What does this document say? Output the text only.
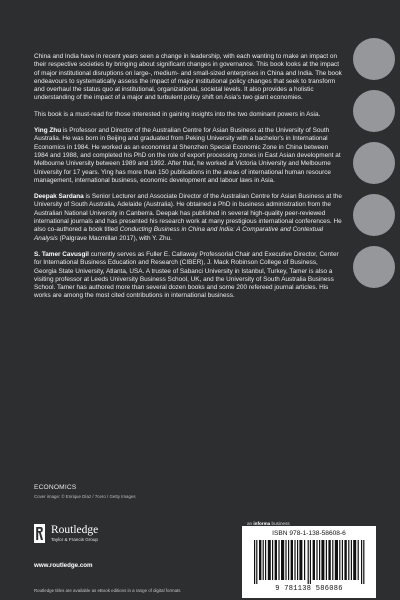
China and India have in recent years seen a change in leadership, with each wanting to make an impact on their respective societies by bringing about significant changes in governance. This book looks at the impact of major institutional disruptions on large-, medium- and small-sized enterprises in China and India. The book endeavours to systematically assess the impact of major institutional policy changes that seek to transform and overhaul the status quo at institutional, organizational, societal levels. It also provides a holistic understanding of the impact of a major and turbulent policy shift on Asia's two giant economies.

This book is a must-read for those interested in gaining insights into the two dominant powers in Asia.

Ying Zhu is Professor and Director of the Australian Centre for Asian Business at the University of South Australia. He was born in Beijing and graduated from Peking University with a bachelor's in International Economics in 1984. He worked as an economist at Shenzhen Special Economic Zone in China between 1984 and 1988, and completed his PhD on the role of export processing zones in East Asian development at Melbourne University between 1989 and 1992. After that, he worked at Victoria University and Melbourne University for 17 years. Ying has more than 150 publications in the areas of international human resource management, international business, economic development and labour laws in Asia.

Deepak Sardana is Senior Lecturer and Associate Director of the Australian Centre for Asian Business at the University of South Australia, Adelaide (Australia). He obtained a PhD in business administration from the Australian National University in Canberra. Deepak has published in several high-quality peer-reviewed international journals and has presented his research work at many prestigious international conferences. He also co-authored a book titled Conducting Business in China and India: A Comparative and Contextual Analysis (Palgrave Macmillan 2017), with Y. Zhu.

S. Tamer Cavusgil currently serves as Fuller E. Callaway Professorial Chair and Executive Director, Center for International Business Education and Research (CIBER), J. Mack Robinson College of Business, Georgia State University, Atlanta, USA. A trustee of Sabanci University in Istanbul, Turkey, Tamer is also a visiting professor at Leeds University Business School, UK, and the University of South Australia Business School. Tamer has authored more than several dozen books and some 200 refereed journal articles. His works are among the most cited contributions in international business.

ECONOMICS
Cover image: © Enrique Díaz / 7cero / Getty Images
Routledge
Taylor & Francis Group
www.routledge.com
Routledge titles are available as eBook editions in a range of digital formats
an informa business
ISBN 978-1-138-58608-6
9 781138 586086
